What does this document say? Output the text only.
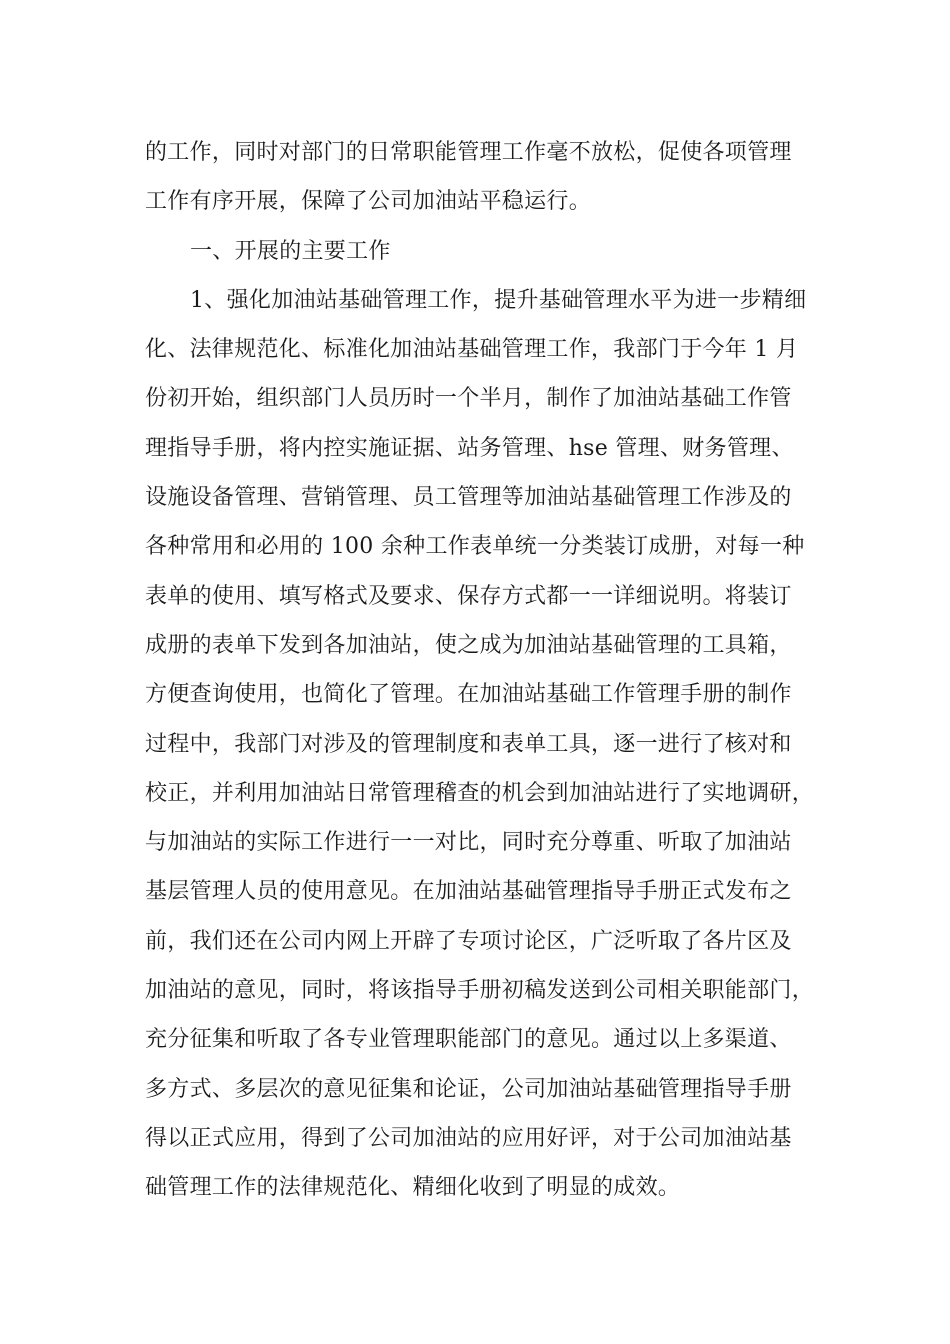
的工作，同时对部门的日常职能管理工作毫不放松，促使各项管理
工作有序开展，保障了公司加油站平稳运行。

一、开展的主要工作

1、强化加油站基础管理工作，提升基础管理水平为进一步精细
化、法律规范化、标准化加油站基础管理工作，我部门于今年 1 月
份初开始，组织部门人员历时一个半月，制作了加油站基础工作管
理指导手册，将内控实施证据、站务管理、hse 管理、财务管理、
设施设备管理、营销管理、员工管理等加油站基础管理工作涉及的
各种常用和必用的 100 余种工作表单统一分类装订成册，对每一种
表单的使用、填写格式及要求、保存方式都一一详细说明。将装订
成册的表单下发到各加油站，使之成为加油站基础管理的工具箱，
方便查询使用，也简化了管理。在加油站基础工作管理手册的制作
过程中，我部门对涉及的管理制度和表单工具，逐一进行了核对和
校正，并利用加油站日常管理稽查的机会到加油站进行了实地调研，
与加油站的实际工作进行一一对比，同时充分尊重、听取了加油站
基层管理人员的使用意见。在加油站基础管理指导手册正式发布之
前，我们还在公司内网上开辟了专项讨论区，广泛听取了各片区及
加油站的意见，同时，将该指导手册初稿发送到公司相关职能部门，
充分征集和听取了各专业管理职能部门的意见。通过以上多渠道、
多方式、多层次的意见征集和论证，公司加油站基础管理指导手册
得以正式应用，得到了公司加油站的应用好评，对于公司加油站基
础管理工作的法律规范化、精细化收到了明显的成效。
